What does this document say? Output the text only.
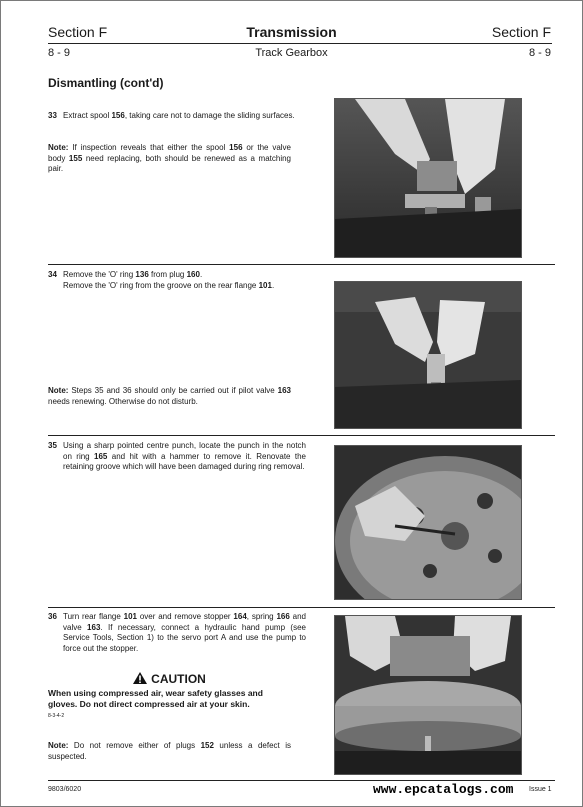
Section F	Transmission	Section F
8 - 9	Track Gearbox	8 - 9
Dismantling (cont'd)
33 Extract spool 156, taking care not to damage the sliding surfaces.
Note: If inspection reveals that either the spool 156 or the valve body 155 need replacing, both should be renewed as a matching pair.
34 Remove the 'O' ring 136 from plug 160.
Remove the 'O' ring from the groove on the rear flange 101.
Note: Steps 35 and 36 should only be carried out if pilot valve 163 needs renewing. Otherwise do not disturb.
35 Using a sharp pointed centre punch, locate the punch in the notch on ring 165 and hit with a hammer to remove it. Renovate the retaining groove which will have been damaged during ring removal.
36 Turn rear flange 101 over and remove stopper 164, spring 166 and valve 163. If necessary, connect a hydraulic hand pump (see Service Tools, Section 1) to the servo port A and use the pump to force out the stopper.
CAUTION
When using compressed air, wear safety glasses and gloves. Do not direct compressed air at your skin.
8-3-4-2
Note: Do not remove either of plugs 152 unless a defect is suspected.
9803/6020	Issue 1
www.epcatalogs.com
